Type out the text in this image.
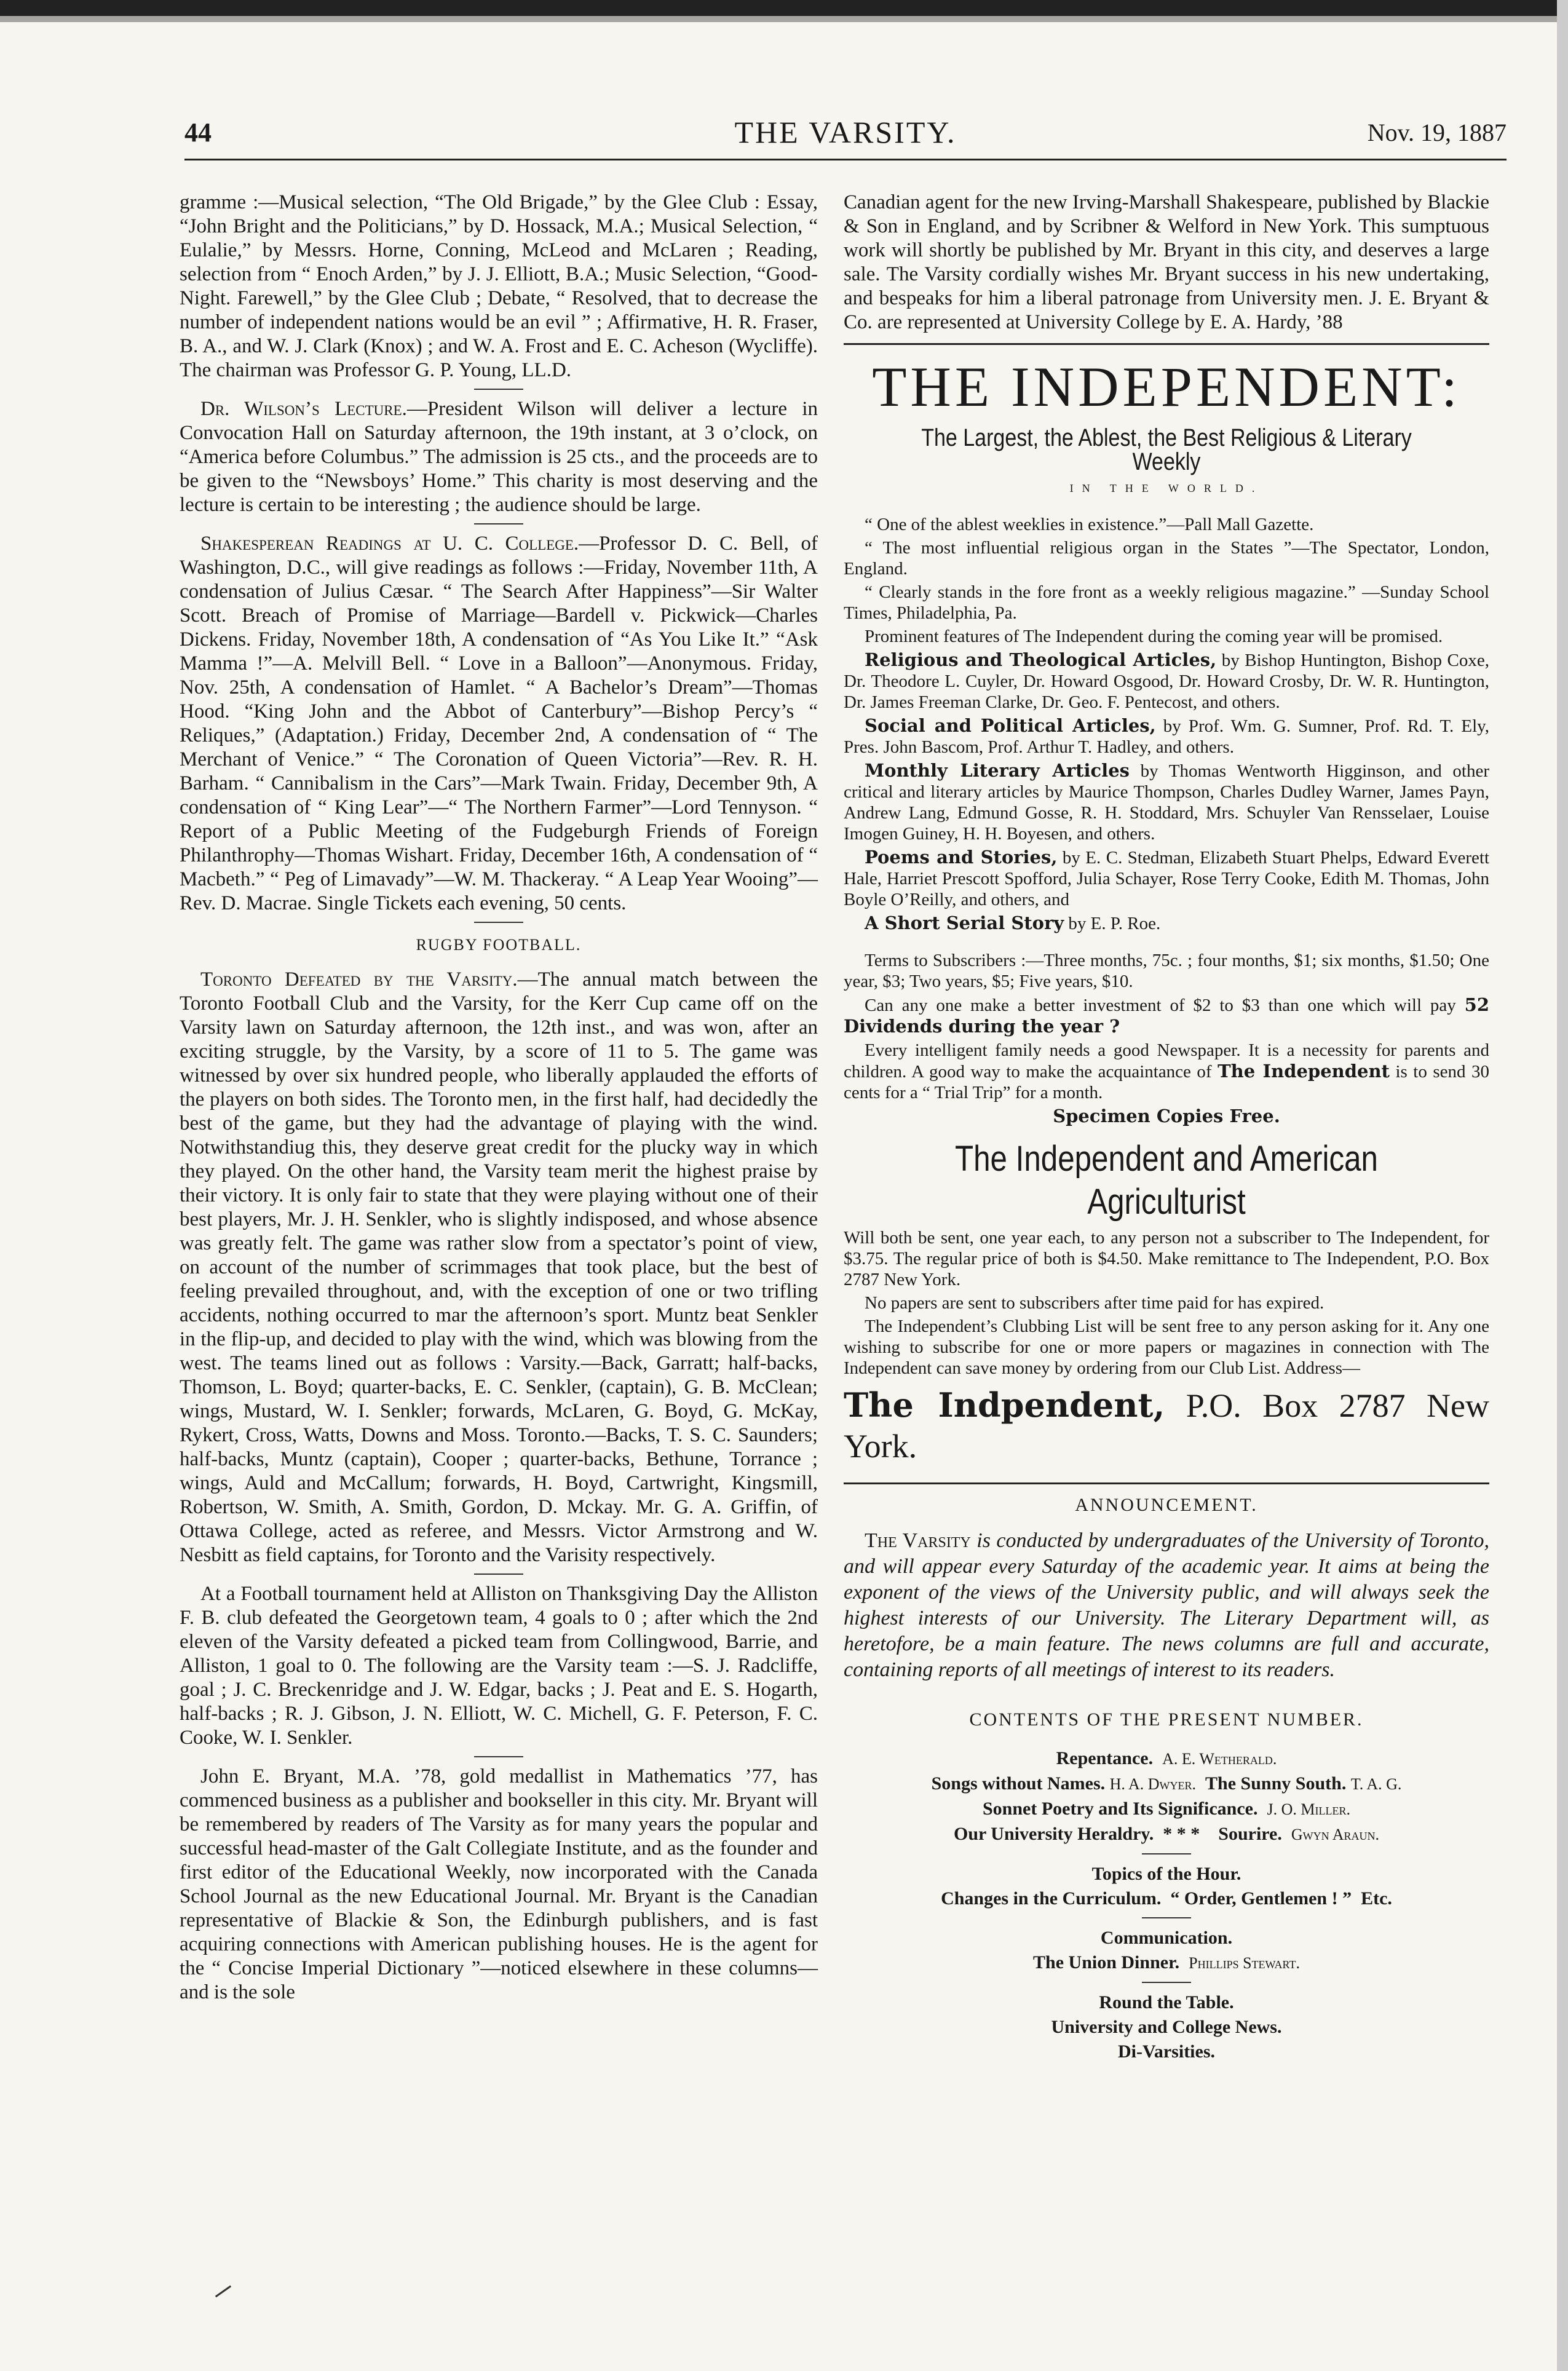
44	THE VARSITY.	Nov. 19, 1887

gramme :—Musical selection, “The Old Brigade,” by the Glee Club : Essay, “John Bright and the Politicians,” by D. Hossack, M.A.; Musical Selection, “ Eulalie,” by Messrs. Horne, Conning, McLeod and McLaren ; Reading, selection from “ Enoch Arden,” by J. J. Elliott, B.A.; Music Selection, “Good-Night. Farewell,” by the Glee Club ; Debate, “ Resolved, that to decrease the number of independent nations would be an evil ” ; Affirmative, H. R. Fraser, B. A., and W. J. Clark (Knox) ; and W. A. Frost and E. C. Acheson (Wycliffe). The chairman was Professor G. P. Young, LL.D.

Dr. Wilson’s Lecture.—President Wilson will deliver a lecture in Convocation Hall on Saturday afternoon, the 19th instant, at 3 o’clock, on “America before Columbus.” The admission is 25 cts., and the proceeds are to be given to the “Newsboys’ Home.” This charity is most deserving and the lecture is certain to be interesting ; the audience should be large.

Shakesperean Readings at U. C. College.—Professor D. C. Bell, of Washington, D.C., will give readings as follows :—Friday, November 11th, A condensation of Julius Cæsar. “ The Search After Happiness”—Sir Walter Scott. Breach of Promise of Marriage—Bardell v. Pickwick—Charles Dickens. Friday, November 18th, A condensation of “As You Like It.” “Ask Mamma !”—A. Melvill Bell. “ Love in a Balloon”—Anonymous. Friday, Nov. 25th, A condensation of Hamlet. “ A Bachelor’s Dream”—Thomas Hood. “King John and the Abbot of Canterbury”—Bishop Percy’s “ Reliques,” (Adaptation.) Friday, December 2nd, A condensation of “ The Merchant of Venice.” “ The Coronation of Queen Victoria”—Rev. R. H. Barham. “ Cannibalism in the Cars”—Mark Twain. Friday, December 9th, A condensation of “ King Lear”—“ The Northern Farmer”—Lord Tennyson. “ Report of a Public Meeting of the Fudgeburgh Friends of Foreign Philanthrophy—Thomas Wishart. Friday, December 16th, A condensation of “ Macbeth.” “ Peg of Limavady”—W. M. Thackeray. “ A Leap Year Wooing”—Rev. D. Macrae. Single Tickets each evening, 50 cents.

RUGBY FOOTBALL.

Toronto Defeated by the Varsity.—The annual match between the Toronto Football Club and the Varsity, for the Kerr Cup came off on the Varsity lawn on Saturday afternoon, the 12th inst., and was won, after an exciting struggle, by the Varsity, by a score of 11 to 5. The game was witnessed by over six hundred people, who liberally applauded the efforts of the players on both sides. The Toronto men, in the first half, had decidedly the best of the game, but they had the advantage of playing with the wind. Notwithstandiug this, they deserve great credit for the plucky way in which they played. On the other hand, the Varsity team merit the highest praise by their victory. It is only fair to state that they were playing without one of their best players, Mr. J. H. Senkler, who is slightly indisposed, and whose absence was greatly felt. The game was rather slow from a spectator’s point of view, on account of the number of scrimmages that took place, but the best of feeling prevailed throughout, and, with the exception of one or two trifling accidents, nothing occurred to mar the afternoon’s sport. Muntz beat Senkler in the flip-up, and decided to play with the wind, which was blowing from the west. The teams lined out as follows : Varsity.—Back, Garratt; half-backs, Thomson, L. Boyd; quarter-backs, E. C. Senkler, (captain), G. B. McClean; wings, Mustard, W. I. Senkler; forwards, McLaren, G. Boyd, G. McKay, Rykert, Cross, Watts, Downs and Moss. Toronto.—Backs, T. S. C. Saunders; half-backs, Muntz (captain), Cooper ; quarter-backs, Bethune, Torrance ; wings, Auld and McCallum; forwards, H. Boyd, Cartwright, Kingsmill, Robertson, W. Smith, A. Smith, Gordon, D. Mckay. Mr. G. A. Griffin, of Ottawa College, acted as referee, and Messrs. Victor Armstrong and W. Nesbitt as field captains, for Toronto and the Varisity respectively.

At a Football tournament held at Alliston on Thanksgiving Day the Alliston F. B. club defeated the Georgetown team, 4 goals to 0 ; after which the 2nd eleven of the Varsity defeated a picked team from Collingwood, Barrie, and Alliston, 1 goal to 0. The following are the Varsity team :—S. J. Radcliffe, goal ; J. C. Breckenridge and J. W. Edgar, backs ; J. Peat and E. S. Hogarth, half-backs ; R. J. Gibson, J. N. Elliott, W. C. Michell, G. F. Peterson, F. C. Cooke, W. I. Senkler.

John E. Bryant, M.A. ’78, gold medallist in Mathematics ’77, has commenced business as a publisher and bookseller in this city. Mr. Bryant will be remembered by readers of The Varsity as for many years the popular and successful head-master of the Galt Collegiate Institute, and as the founder and first editor of the Educational Weekly, now incorporated with the Canada School Journal as the new Educational Journal. Mr. Bryant is the Canadian representative of Blackie & Son, the Edinburgh publishers, and is fast acquiring connections with American publishing houses. He is the agent for the “ Concise Imperial Dictionary ”—noticed elsewhere in these columns—and is the sole

Canadian agent for the new Irving-Marshall Shakespeare, published by Blackie & Son in England, and by Scribner & Welford in New York. This sumptuous work will shortly be published by Mr. Bryant in this city, and deserves a large sale. The Varsity cordially wishes Mr. Bryant success in his new undertaking, and bespeaks for him a liberal patronage from University men. J. E. Bryant & Co. are represented at University College by E. A. Hardy, ’88

THE INDEPENDENT:
The Largest, the Ablest, the Best Religious & Literary Weekly
IN THE WORLD.

“ One of the ablest weeklies in existence.”—Pall Mall Gazette.

“ The most influential religious organ in the States ”—The Spectator, London, England.

“ Clearly stands in the fore front as a weekly religious magazine.” —Sunday School Times, Philadelphia, Pa.

Prominent features of The Independent during the coming year will be promised.

Religious and Theological Articles, by Bishop Huntington, Bishop Coxe, Dr. Theodore L. Cuyler, Dr. Howard Osgood, Dr. Howard Crosby, Dr. W. R. Huntington, Dr. James Freeman Clarke, Dr. Geo. F. Pentecost, and others.

Social and Political Articles, by Prof. Wm. G. Sumner, Prof. Rd. T. Ely, Pres. John Bascom, Prof. Arthur T. Hadley, and others.

Monthly Literary Articles by Thomas Wentworth Higginson, and other critical and literary articles by Maurice Thompson, Charles Dudley Warner, James Payn, Andrew Lang, Edmund Gosse, R. H. Stoddard, Mrs. Schuyler Van Rensselaer, Louise Imogen Guiney, H. H. Boyesen, and others.

Poems and Stories, by E. C. Stedman, Elizabeth Stuart Phelps, Edward Everett Hale, Harriet Prescott Spofford, Julia Schayer, Rose Terry Cooke, Edith M. Thomas, John Boyle O’Reilly, and others, and

A Short Serial Story by E. P. Roe.

Terms to Subscribers :—Three months, 75c. ; four months, $1; six months, $1.50; One year, $3; Two years, $5; Five years, $10.

Can any one make a better investment of $2 to $3 than one which will pay 52 Dividends during the year ?

Every intelligent family needs a good Newspaper. It is a necessity for parents and children. A good way to make the acquaintance of The Independent is to send 30 cents for a “ Trial Trip” for a month.

Specimen Copies Free.

The Independent and American Agriculturist

Will both be sent, one year each, to any person not a subscriber to The Independent, for $3.75. The regular price of both is $4.50. Make remittance to The Independent, P.O. Box 2787 New York.

No papers are sent to subscribers after time paid for has expired.

The Independent’s Clubbing List will be sent free to any person asking for it. Any one wishing to subscribe for one or more papers or magazines in connection with The Independent can save money by ordering from our Club List. Address—

The Indpendent, P.O. Box 2787 New York.

ANNOUNCEMENT.

The Varsity is conducted by undergraduates of the University of Toronto, and will appear every Saturday of the academic year. It aims at being the exponent of the views of the University public, and will always seek the highest interests of our University. The Literary Department will, as heretofore, be a main feature. The news columns are full and accurate, containing reports of all meetings of interest to its readers.

CONTENTS OF THE PRESENT NUMBER.

Repentance. A. E. Wetherald.

Songs without Names. H. A. Dwyer. The Sunny South. T. A. G.

Sonnet Poetry and Its Significance. J. O. Miller.

Our University Heraldry. * * * Sourire. Gwyn Araun.

Topics of the Hour.

Changes in the Curriculum. “ Order, Gentlemen ! ” Etc.

Communication.

The Union Dinner. Phillips Stewart.

Round the Table.

University and College News.

Di-Varsities.
